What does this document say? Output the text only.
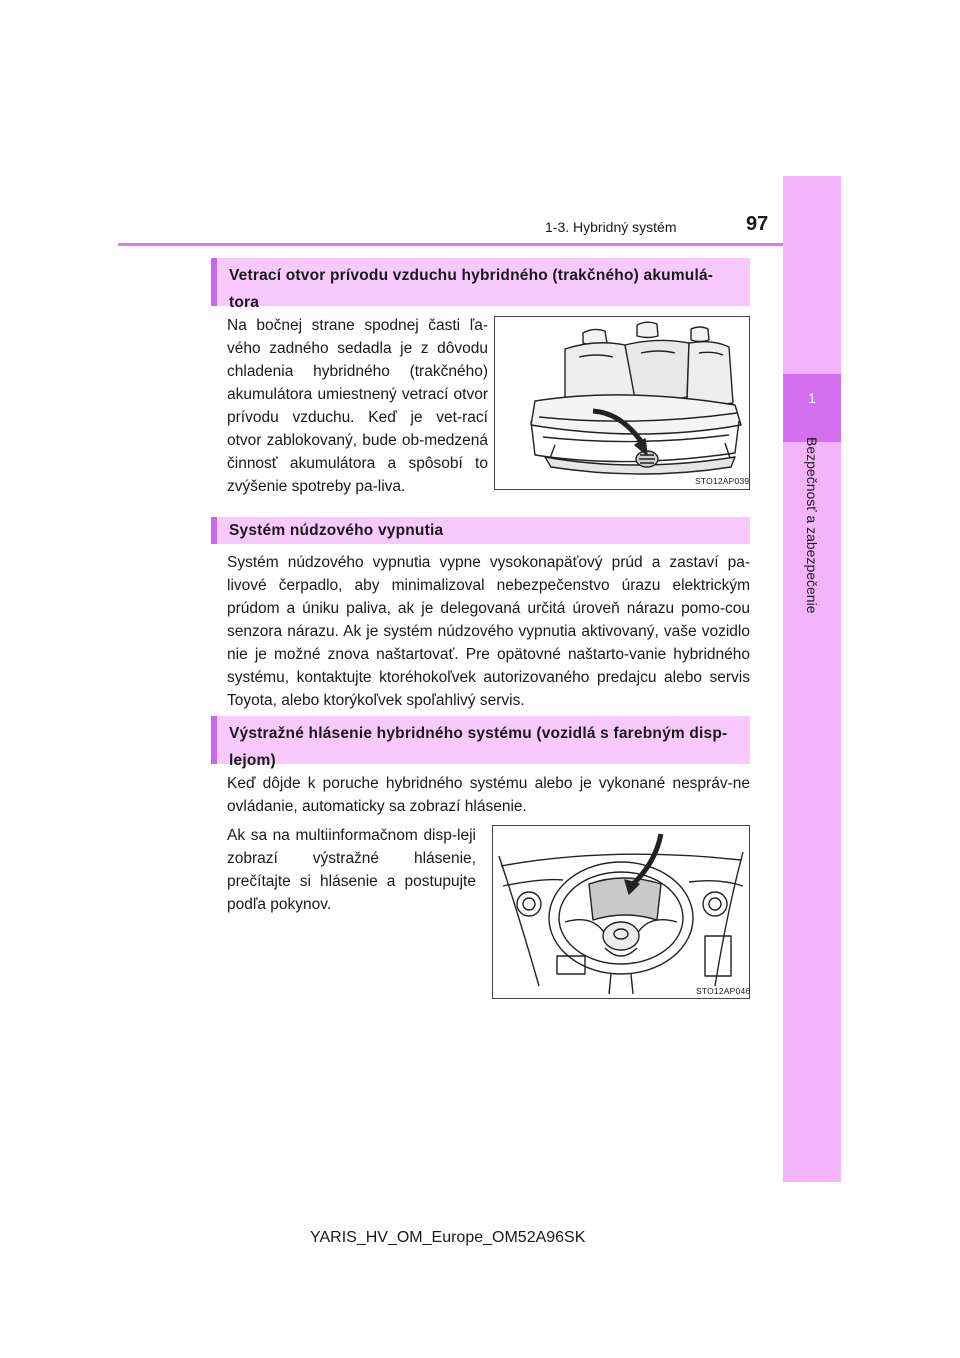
1-3. Hybridný systém	97
1
Bezpečnosť a zabezpečenie
Vetrací otvor prívodu vzduchu hybridného (trakčného) akumulá-tora
Na bočnej strane spodnej časti ľa-vého zadného sedadla je z dôvodu chladenia hybridného (trakčného) akumulátora umiestnený vetrací otvor prívodu vzduchu. Keď je vet-rací otvor zablokovaný, bude ob-medzená činnosť akumulátora a spôsobí to zvýšenie spotreby pa-liva.	STO12AP039
Systém núdzového vypnutia
Systém núdzového vypnutia vypne vysokonapäťový prúd a zastaví pa-livové čerpadlo, aby minimalizoval nebezpečenstvo úrazu elektrickým prúdom a úniku paliva, ak je delegovaná určitá úroveň nárazu pomo-cou senzora nárazu. Ak je systém núdzového vypnutia aktivovaný, vaše vozidlo nie je možné znova naštartovať. Pre opätovné naštarto-vanie hybridného systému, kontaktujte ktoréhokoľvek autorizovaného predajcu alebo servis Toyota, alebo ktorýkoľvek spoľahlivý servis.
Výstražné hlásenie hybridného systému (vozidlá s farebným disp-lejom)
Keď dôjde k poruche hybridného systému alebo je vykonané nespráv-ne ovládanie, automaticky sa zobrazí hlásenie.
Ak sa na multiinformačnom disp-leji zobrazí výstražné hlásenie, prečítajte si hlásenie a postupujte podľa pokynov.
STO12AP046
YARIS_HV_OM_Europe_OM52A96SK
